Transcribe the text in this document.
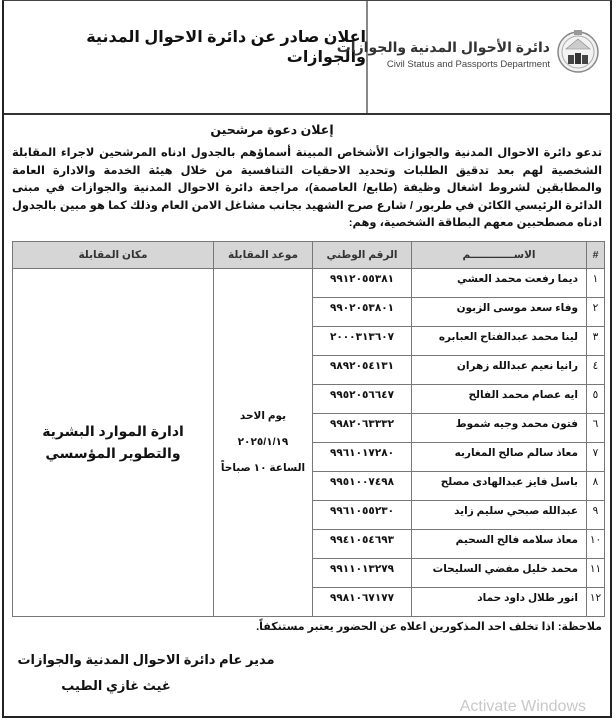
اعلان صادر عن دائرة الاحوال المدنية والجوازات
دائرة الأحوال المدنية والجوازات
Civil Status and Passports Department
إعلان دعوة مرشحين
تدعو دائرة الاحوال المدنية والجوازات الأشخاص المبينة أسماؤهم بالجدول ادناه المرشحين لاجراء المقابلة الشخصية لهم بعد تدقيق الطلبات وتحديد الاحقيات التنافسية من خلال هيئة الخدمة والادارة العامة والمطابقين لشروط اشغال وظيفة (طابع/ العاصمة)، مراجعة دائرة الاحوال المدنية والجوازات في مبنى الدائرة الرئيسي الكائن في طربور / شارع صرح الشهيد بجانب مشاغل الامن العام وذلك كما هو مبين بالجدول ادناه مصطحبين معهم البطاقة الشخصية، وهم:
#	الاســــــــــــم	الرقم الوطني	موعد المقابلة	مكان المقابلة
١	ديما رفعت محمد العشي	٩٩١٢٠٥٥٣٨١	يوم الاحد
٢٠٢٥/١/١٩
الساعة ١٠ صباحاً	ادارة الموارد البشرية والتطوير المؤسسي
٢	وفاء سعد موسى الزبون	٩٩٠٢٠٥٣٨٠١		
٣	لينا محمد عبدالفتاح العبابره	٢٠٠٠٣١٣٦٠٧		
٤	رانيا نعيم عبدالله زهران	٩٨٩٢٠٥٤١٣١		
٥	ايه عصام محمد الفالح	٩٩٥٢٠٥٦٦٤٧		
٦	فتون محمد وجيه شموط	٩٩٨٢٠٦٣٣٣٢		
٧	معاذ سالم صالح المغاربه	٩٩٦١٠١٧٢٨٠		
٨	باسل فايز عبدالهادى مصلح	٩٩٥١٠٠٧٤٩٨		
٩	عبدالله صبحي سليم زايد	٩٩٦١٠٥٥٢٣٠		
١٠	معاذ سلامه فالح السحيم	٩٩٤١٠٥٤٦٩٣		
١١	محمد خليل مفضي السليحات	٩٩١١٠١٣٢٧٩		
١٢	انور طلال داود حماد	٩٩٨١٠٦٧١٧٧		
ملاحظة: اذا تخلف احد المذكورين اعلاه عن الحضور يعتبر مستنكفاً.
مدير عام دائرة الاحوال المدنية والجوازات
غيث غازي الطيب
Activate Windows
